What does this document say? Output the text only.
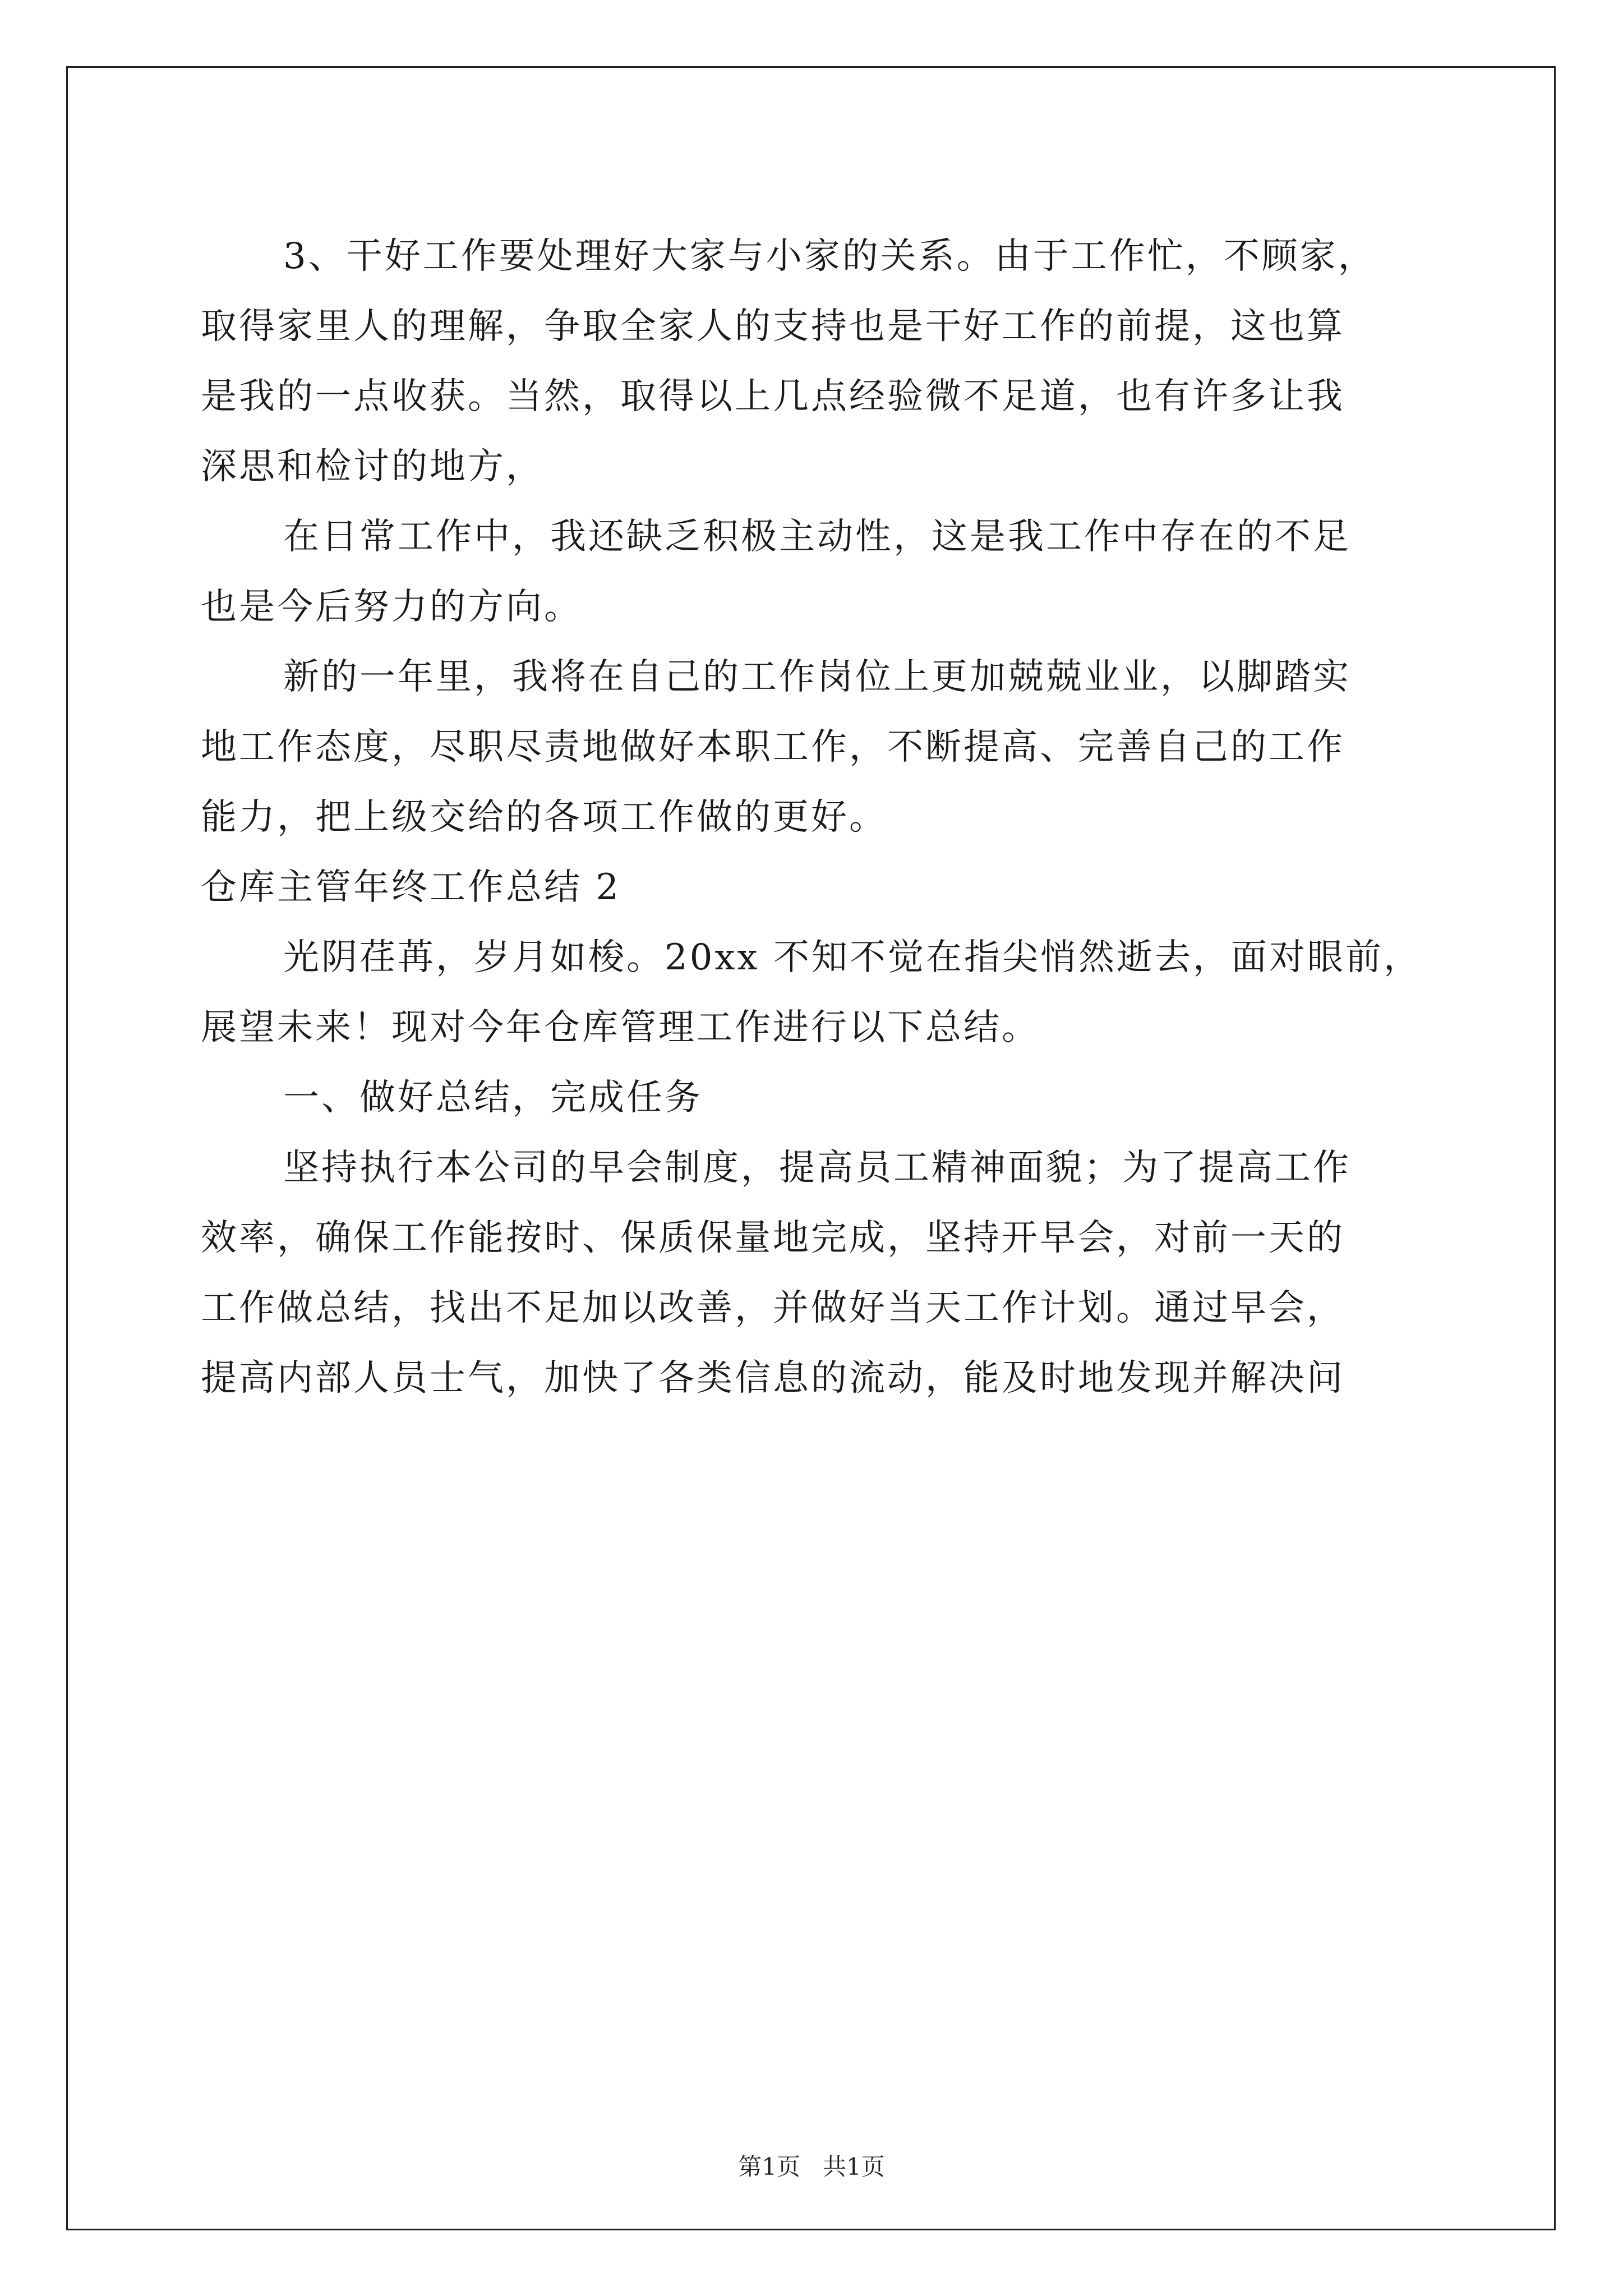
3、干好工作要处理好大家与小家的关系。由于工作忙，不顾家，
取得家里人的理解，争取全家人的支持也是干好工作的前提，这也算
是我的一点收获。当然，取得以上几点经验微不足道，也有许多让我
深思和检讨的地方，
在日常工作中，我还缺乏积极主动性，这是我工作中存在的不足
也是今后努力的方向。
新的一年里，我将在自己的工作岗位上更加兢兢业业，以脚踏实
地工作态度，尽职尽责地做好本职工作，不断提高、完善自己的工作
能力，把上级交给的各项工作做的更好。
仓库主管年终工作总结 2
光阴荏苒，岁月如梭。20xx 不知不觉在指尖悄然逝去，面对眼前，
展望未来！现对今年仓库管理工作进行以下总结。
一、做好总结，完成任务
坚持执行本公司的早会制度，提高员工精神面貌；为了提高工作
效率，确保工作能按时、保质保量地完成，坚持开早会，对前一天的
工作做总结，找出不足加以改善，并做好当天工作计划。通过早会，
提高内部人员士气，加快了各类信息的流动，能及时地发现并解决问
第1页   共1页
